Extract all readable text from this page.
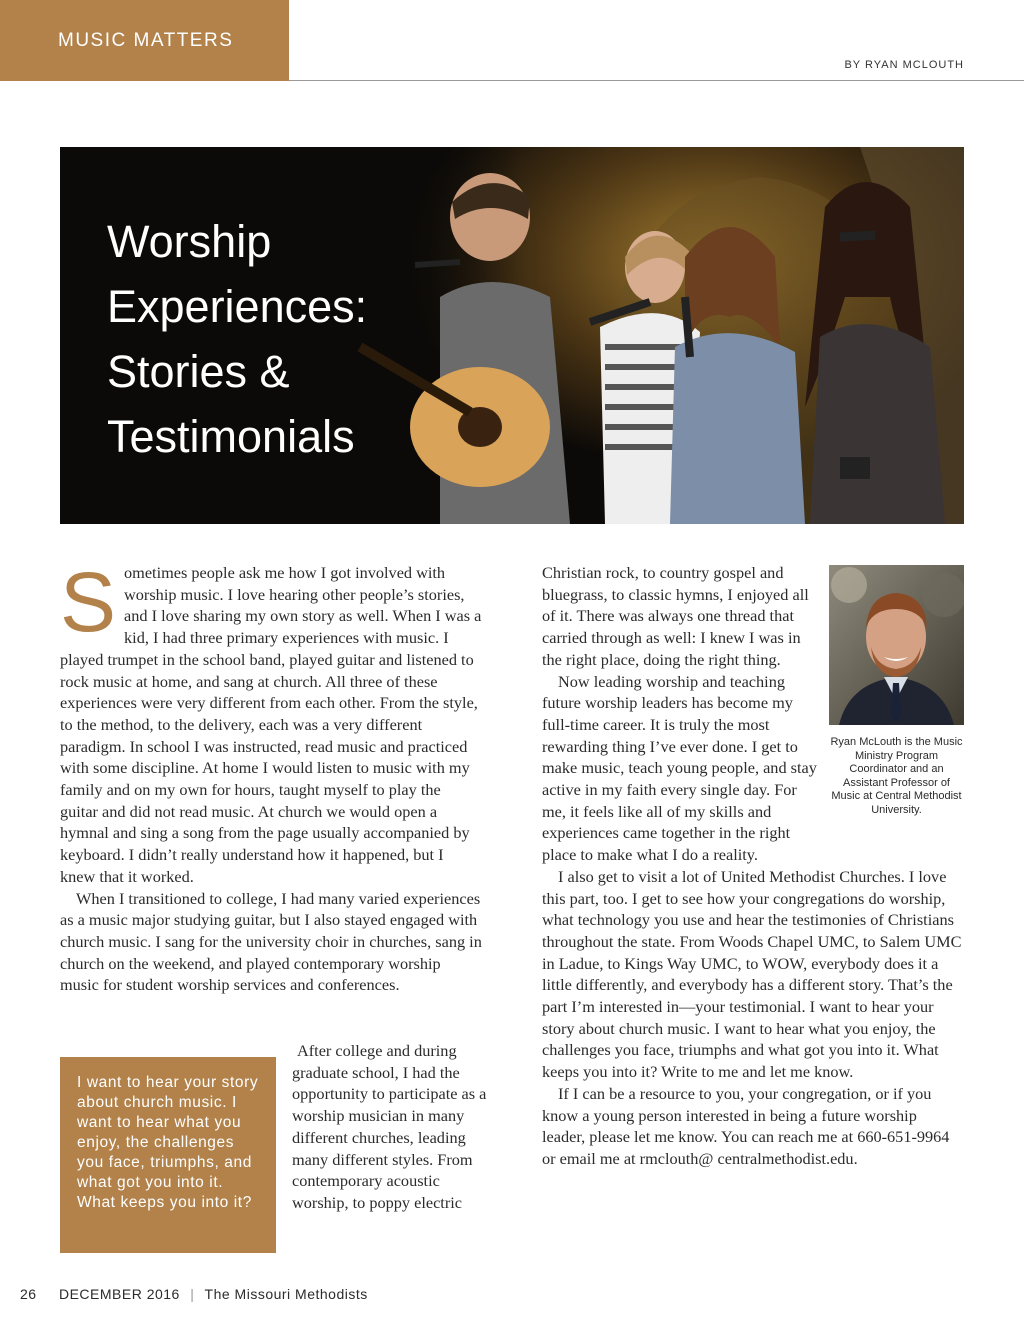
MUSIC MATTERS
BY RYAN MCLOUTH
Worship
Experiences:
Stories &
Testimonials
S ometimes people ask me how I got involved with worship music. I love hearing other people’s stories, and I love sharing my own story as well. When I was a kid, I had three primary experiences with music. I played trumpet in the school band, played guitar and listened to rock music at home, and sang at church. All three of these experiences were very different from each other. From the style, to the method, to the delivery, each was a very different paradigm. In school I was instructed, read music and practiced with some discipline. At home I would listen to music with my family and on my own for hours, taught myself to play the guitar and did not read music. At church we would open a hymnal and sing a song from the page usually accompanied by keyboard. I didn’t really understand how it happened, but I knew that it worked.

When I transitioned to college, I had many varied experiences as a music major studying guitar, but I also stayed engaged with church music. I sang for the university choir in churches, sang in church on the weekend, and played contemporary worship music for student worship services and conferences.

I want to hear your story about church music. I want to hear what you enjoy, the challenges you face, triumphs, and what got you into it. What keeps you into it?

After college and during graduate school, I had the opportunity to participate as a worship musician in many different churches, leading many different styles. From contemporary acoustic worship, to poppy electric

Christian rock, to country gospel and bluegrass, to classic hymns, I enjoyed all of it. There was always one thread that carried through as well: I knew I was in the right place, doing the right thing.

Now leading worship and teaching future worship leaders has become my full-time career. It is truly the most rewarding thing I’ve ever done. I get to make music, teach young people, and stay active in my faith every single day. For me, it feels like all of my skills and experiences came together in the right place to make what I do a reality.

I also get to visit a lot of United Methodist Churches. I love this part, too. I get to see how your congregations do worship, what technology you use and hear the testimonies of Christians throughout the state. From Woods Chapel UMC, to Salem UMC in Ladue, to Kings Way UMC, to WOW, everybody does it a little differently, and everybody has a different story. That’s the part I’m interested in—your testimonial. I want to hear your story about church music. I want to hear what you enjoy, the challenges you face, triumphs and what got you into it. What keeps you into it? Write to me and let me know.

If I can be a resource to you, your congregation, or if you know a young person interested in being a future worship leader, please let me know. You can reach me at 660-651-9964 or email me at rmclouth@ centralmethodist.edu.

Ryan McLouth is the Music Ministry Program Coordinator and an Assistant Professor of Music at Central Methodist University.
26 DECEMBER 2016 | The Missouri Methodists
